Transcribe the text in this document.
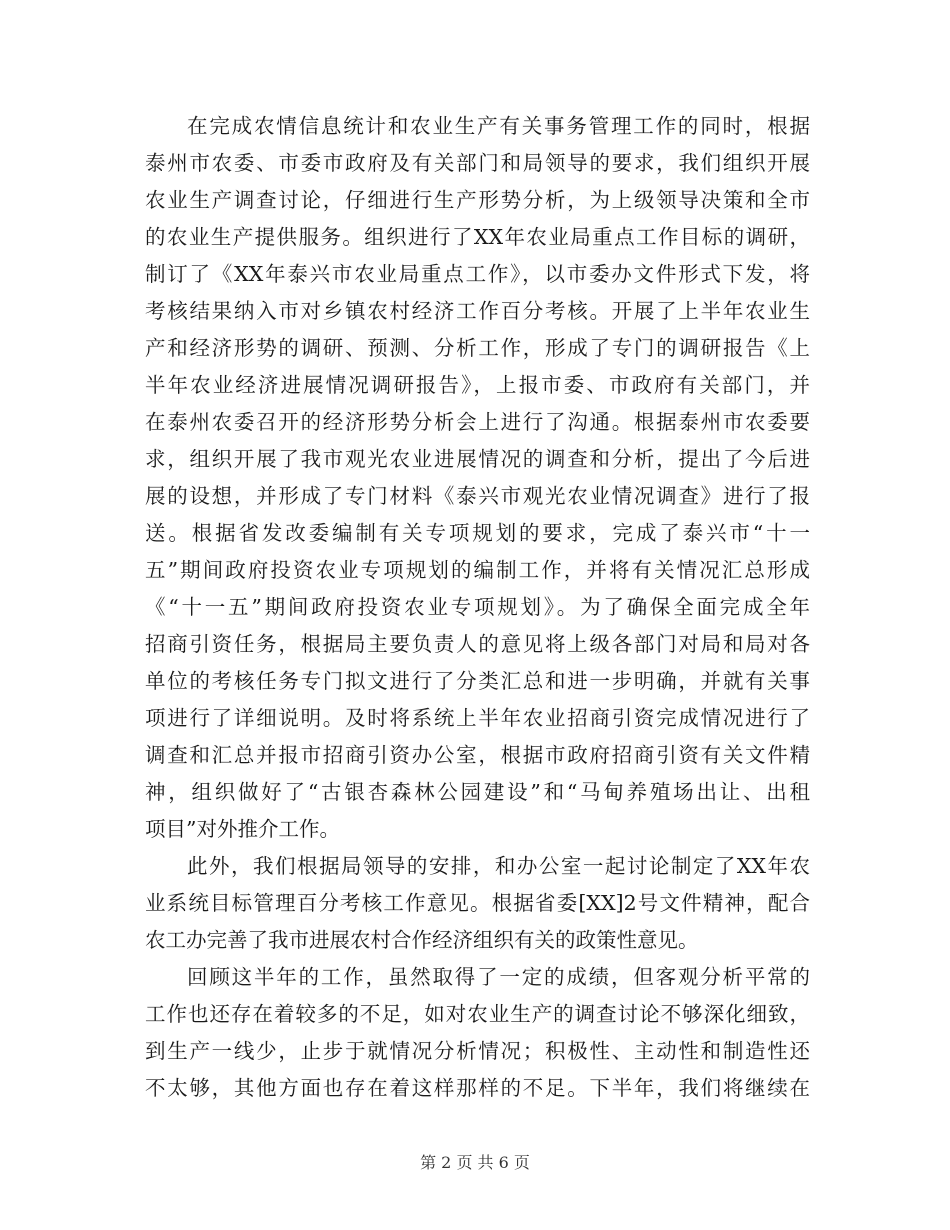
在完成农情信息统计和农业生产有关事务管理工作的同时，根据
泰州市农委、市委市政府及有关部门和局领导的要求，我们组织开展
农业生产调查讨论，仔细进行生产形势分析，为上级领导决策和全市
的农业生产提供服务。组织进行了XX年农业局重点工作目标的调研，
制订了《XX年泰兴市农业局重点工作》，以市委办文件形式下发，将
考核结果纳入市对乡镇农村经济工作百分考核。开展了上半年农业生
产和经济形势的调研、预测、分析工作，形成了专门的调研报告《上
半年农业经济进展情况调研报告》，上报市委、市政府有关部门，并
在泰州农委召开的经济形势分析会上进行了沟通。根据泰州市农委要
求，组织开展了我市观光农业进展情况的调查和分析，提出了今后进
展的设想，并形成了专门材料《泰兴市观光农业情况调查》进行了报
送。根据省发改委编制有关专项规划的要求，完成了泰兴市“十一
五”期间政府投资农业专项规划的编制工作，并将有关情况汇总形成
《“十一五”期间政府投资农业专项规划》。为了确保全面完成全年
招商引资任务，根据局主要负责人的意见将上级各部门对局和局对各
单位的考核任务专门拟文进行了分类汇总和进一步明确，并就有关事
项进行了详细说明。及时将系统上半年农业招商引资完成情况进行了
调查和汇总并报市招商引资办公室，根据市政府招商引资有关文件精
神，组织做好了“古银杏森林公园建设”和“马甸养殖场出让、出租
项目”对外推介工作。
此外，我们根据局领导的安排，和办公室一起讨论制定了XX年农
业系统目标管理百分考核工作意见。根据省委[XX]2号文件精神，配合
农工办完善了我市进展农村合作经济组织有关的政策性意见。
回顾这半年的工作，虽然取得了一定的成绩，但客观分析平常的
工作也还存在着较多的不足，如对农业生产的调查讨论不够深化细致，
到生产一线少，止步于就情况分析情况；积极性、主动性和制造性还
不太够，其他方面也存在着这样那样的不足。下半年，我们将继续在
第 2 页 共 6 页
